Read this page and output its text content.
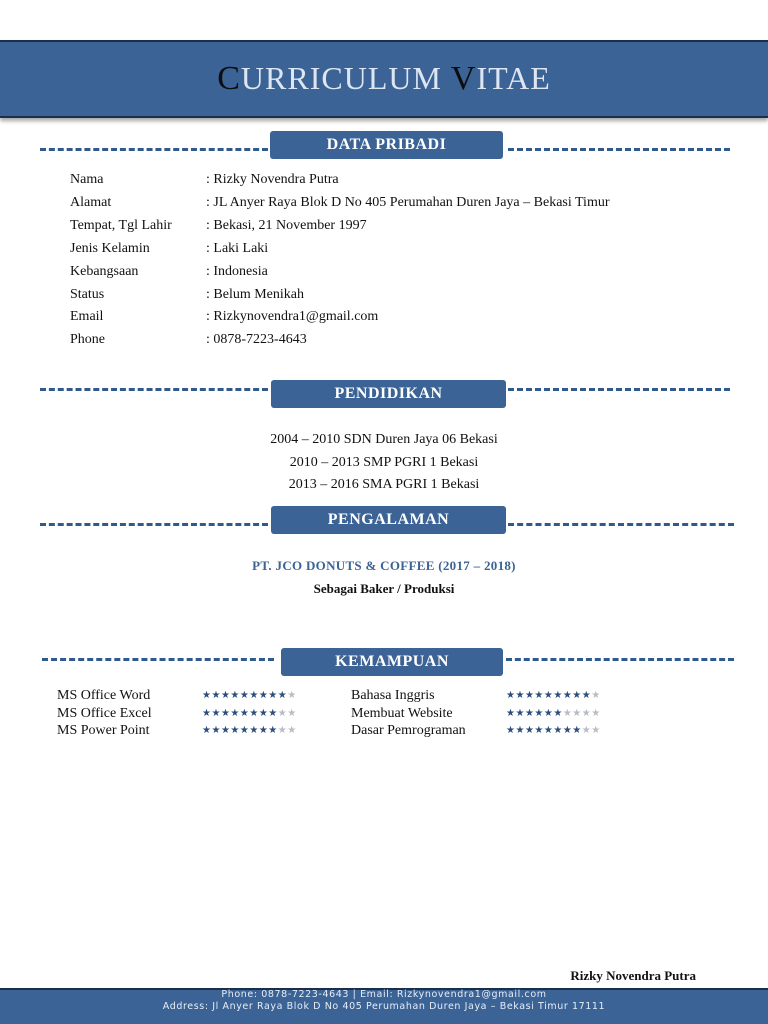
CURRICULUM VITAE
DATA PRIBADI
Nama	: Rizky Novendra Putra
Alamat	: JL Anyer Raya Blok D No 405 Perumahan Duren Jaya – Bekasi Timur
Tempat, Tgl Lahir : Bekasi, 21 November 1997
Jenis Kelamin	: Laki Laki
Kebangsaan	: Indonesia
Status	: Belum Menikah
Email	: Rizkynovendra1@gmail.com
Phone	: 0878-7223-4643
PENDIDIKAN
2004 – 2010 SDN Duren Jaya 06 Bekasi
2010 – 2013 SMP PGRI 1 Bekasi
2013 – 2016 SMA PGRI 1 Bekasi
PENGALAMAN
PT. JCO DONUTS & COFFEE (2017 – 2018)
Sebagai Baker / Produksi
KEMAMPUAN
MS Office Word	★★★★★★★★★★
MS Office Excel	★★★★★★★★★★
MS Power Point	★★★★★★★★★★
Bahasa Inggris	★★★★★★★★★★
Membuat Website	★★★★★★★★★★
Dasar Pemrograman	★★★★★★★★★★
Rizky Novendra Putra
Phone: 0878-7223-4643 | Email: Rizkynovendra1@gmail.com
Address: Jl Anyer Raya Blok D No 405 Perumahan Duren Jaya – Bekasi Timur 17111
